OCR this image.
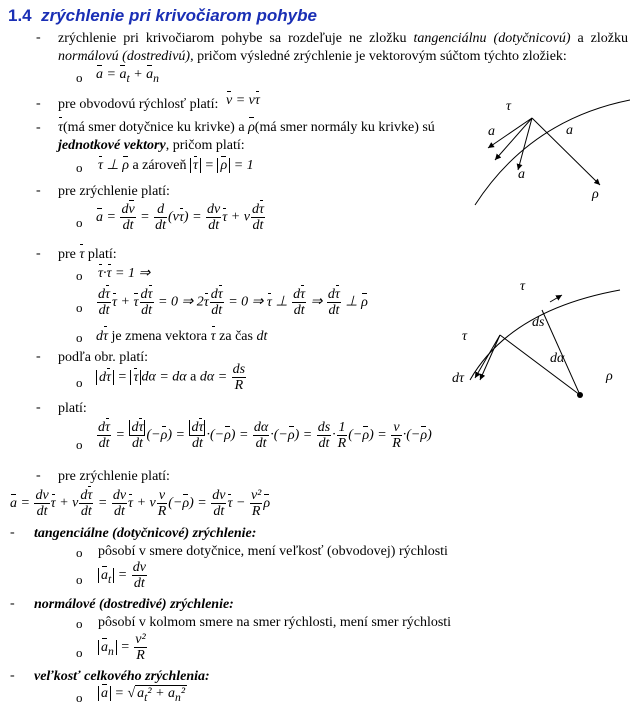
1.4 zrýchlenie pri krivočiarom pohybe
- zrýchlenie pri krivočiarom pohybe sa rozdeľuje ne zložku tangenciálnu (dotyčnicovú) a zložku normálovú (dostredivú), pričom výsledné zrýchlenie je vektorovým súčtom týchto zložiek:
o $a = a_t + a_n$
- pre obvodovú rýchlosť platí: v = vτ
- τ(má smer dotyčnice ku krivke) a ρ(má smer normály ku krivke) sú
jednotkové vektory, pričom platí:
o τ ⊥ ρ a zároveň τ = ρ = 1
- pre zrýchlenie platí:
o $a = \frac{dv}{dt} = \frac{d}{dt} (v\tau) = \frac{dv}{dt}$ τ + v $\frac{d\tau}{dt}$
- pre τ platí:
o τ·τ = 1 ⇒
o $\frac{d\tau}{dt}$ τ + τ $\frac{d\tau}{dt} = 0$ ⇒ $2\tau \frac{d\tau}{dt} = 0$ ⇒ τ ⊥ $\frac{d\tau}{dt}$ ⇒ $\frac{d\tau}{dt}$ ⊥ ρ
o dτ je zmena vektora τ za čas dt
- podľa obr. platí:
o dτ = τ dα = dα a $d\alpha = \frac{ds}{R}$
- platí:
o $\frac{d\tau}{dt} = \frac{d\tau}{dt} (-\rho) = \frac{d\tau}{dt} \cdot(-\rho) = \frac{d\alpha}{dt} \cdot(-\rho) = \frac{ds}{dt} \cdot \frac{1}{R} (-\rho) = \frac{v}{R} \cdot(-\rho)$
- pre zrýchlenie platí:
$a = \frac{dv}{dt}$ τ + v $\frac{d\tau}{dt} = \frac{dv}{dt}$ τ + v $\frac{v}{R} (-\rho) = \frac{dv}{dt}$ $\tau - \frac{\text{v²}}{R}$ ρ
- tangenciálne (dotyčnicové) zrýchlenie:
o pôsobí v smere dotyčnice, mení veľkosť (obvodovej) rýchlosti
o $a_t = \frac{dv}{dt}$
- normálové (dostredivé) zrýchlenie:
o pôsobí v kolmom smere na smer rýchlosti, mení smer rýchlosti
o $a_n = \frac{\text{v²}}{R}$
- veľkosť celkového zrýchlenia:
o a = √ $a_t^2 + a_n^2$
τ
a	a
a
ρ
τ
τ
ds
dτ
dα
ρ
